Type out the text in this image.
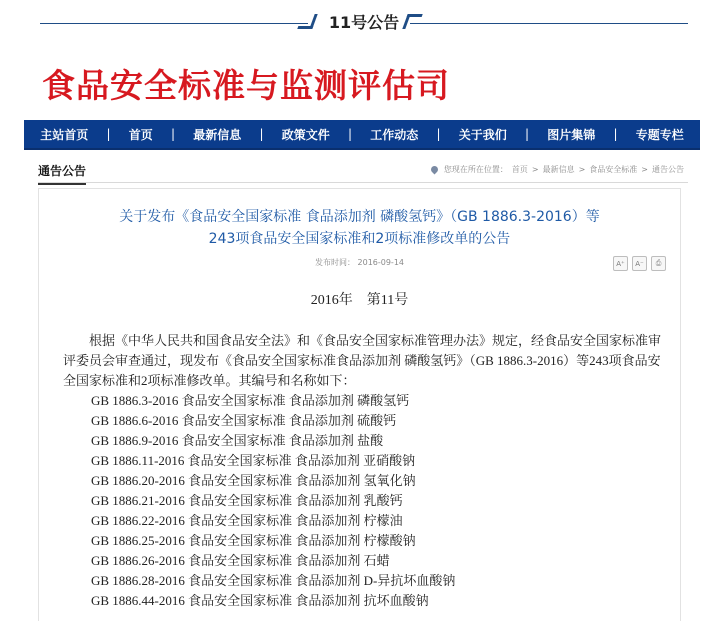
11号公告
食品安全标准与监测评估司
主站首页	|	首页	|	最新信息	|	政策文件	|	工作动态	|	关于我们	|	图片集锦	|	专题专栏
通告公告	您现在所在位置： 首页 > 最新信息 > 食品安全标准 > 通告公告
关于发布《食品安全国家标准 食品添加剂 磷酸氢钙》（GB 1886.3-2016）等
243项食品安全国家标准和2项标准修改单的公告
发布时间： 2016-09-14	A⁺	A⁻	⎙
2016年　第11号
根据《中华人民共和国食品安全法》和《食品安全国家标准管理办法》规定，经食品安全国家标准审评委员会审查通过，现发布《食品安全国家标准食品添加剂 磷酸氢钙》（GB 1886.3-2016）等243项食品安全国家标准和2项标准修改单。其编号和名称如下：
GB 1886.3-2016 食品安全国家标准 食品添加剂 磷酸氢钙
GB 1886.6-2016 食品安全国家标准 食品添加剂 硫酸钙
GB 1886.9-2016 食品安全国家标准 食品添加剂 盐酸
GB 1886.11-2016 食品安全国家标准 食品添加剂 亚硝酸钠
GB 1886.20-2016 食品安全国家标准 食品添加剂 氢氧化钠
GB 1886.21-2016 食品安全国家标准 食品添加剂 乳酸钙
GB 1886.22-2016 食品安全国家标准 食品添加剂 柠檬油
GB 1886.25-2016 食品安全国家标准 食品添加剂 柠檬酸钠
GB 1886.26-2016 食品安全国家标准 食品添加剂 石蜡
GB 1886.28-2016 食品安全国家标准 食品添加剂 D-异抗坏血酸钠
GB 1886.44-2016 食品安全国家标准 食品添加剂 抗坏血酸钠
